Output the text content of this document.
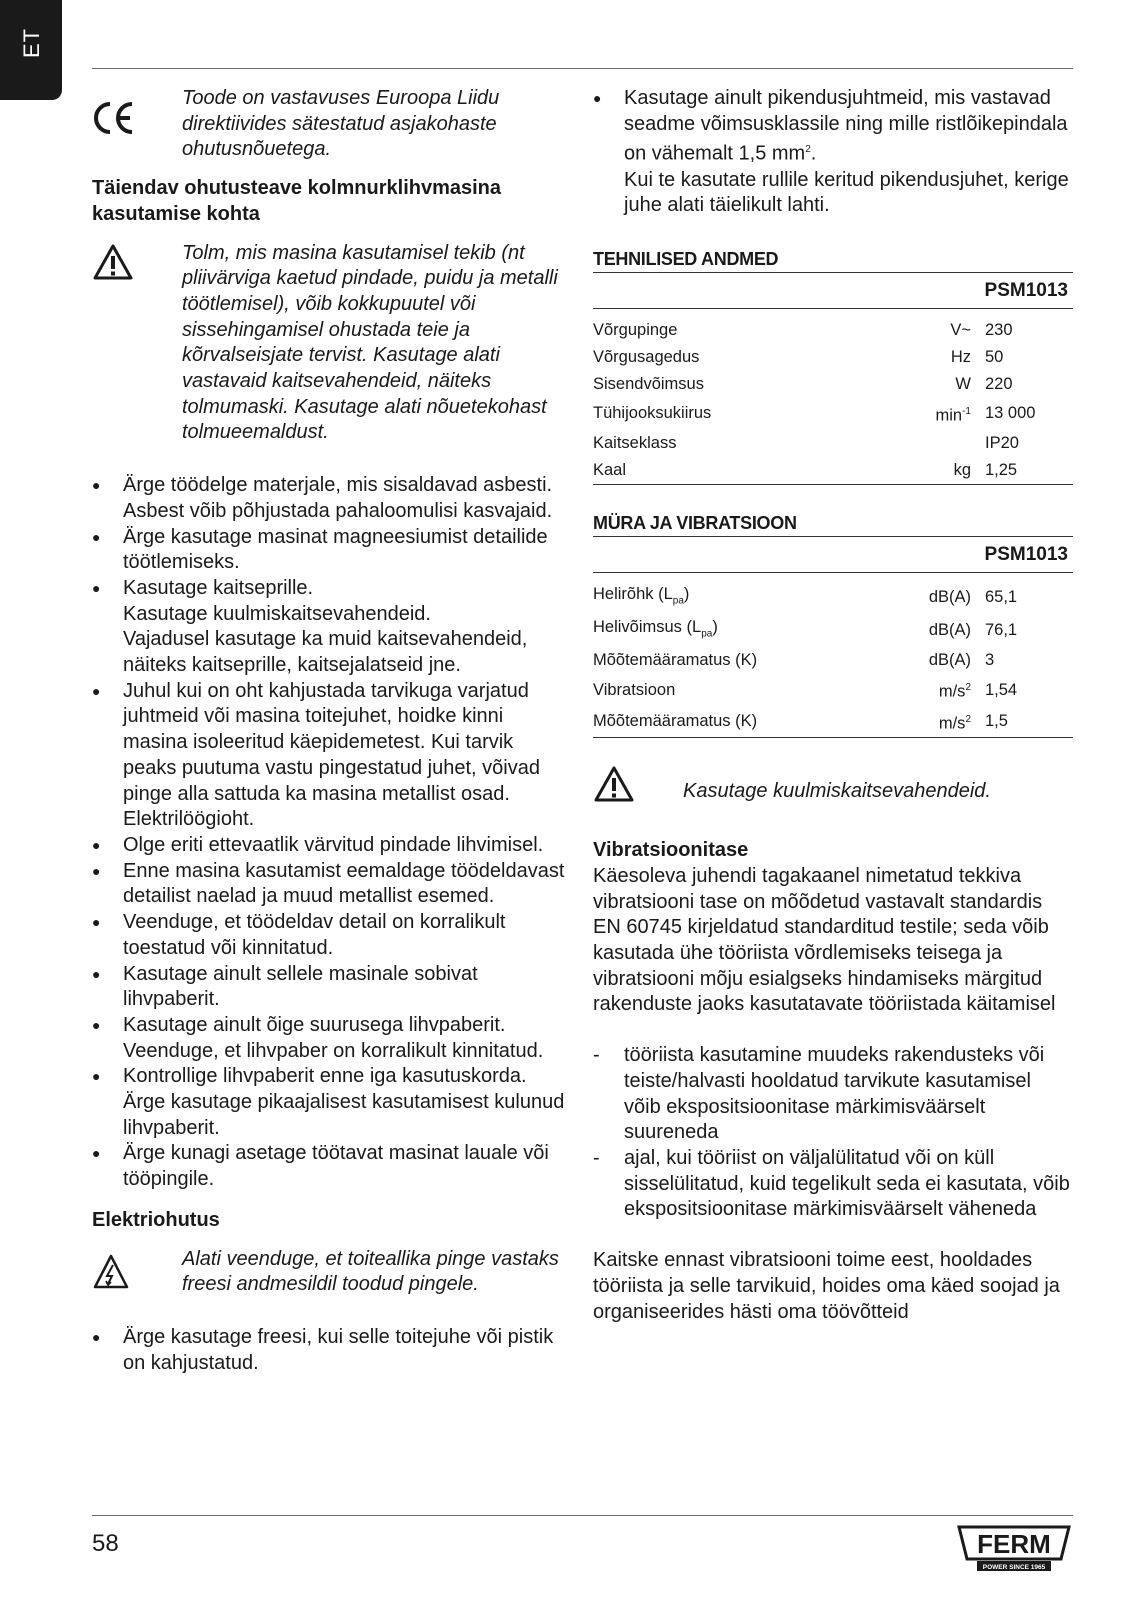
ET

Toode on vastavuses Euroopa Liidu direktiivides sätestatud asjakohaste ohutusnõuetega.

Täiendav ohutusteave kolmnurklihvmasina kasutamise kohta

Tolm, mis masina kasutamisel tekib (nt pliivärviga kaetud pindade, puidu ja metalli töötlemisel), võib kokkupuutel või sissehingamisel ohustada teie ja kõrvalseisjate tervist. Kasutage alati vastavaid kaitsevahendeid, näiteks tolmumaski. Kasutage alati nõuetekohast tolmueemaldust.

● Ärge töödelge materjale, mis sisaldavad asbesti. Asbest võib põhjustada pahaloomulisi kasvajaid.
● Ärge kasutage masinat magneesiumist detailide töötlemiseks.
● Kasutage kaitseprille.
Kasutage kuulmiskaitsevahendeid.
Vajadusel kasutage ka muid kaitsevahendeid, näiteks kaitseprille, kaitsejalatseid jne.
● Juhul kui on oht kahjustada tarvikuga varjatud juhtmeid või masina toitejuhet, hoidke kinni masina isoleeritud käepidemetest. Kui tarvik peaks puutuma vastu pingestatud juhet, võivad pinge alla sattuda ka masina metallist osad. Elektrilöögioht.
● Olge eriti ettevaatlik värvitud pindade lihvimisel.
● Enne masina kasutamist eemaldage töödeldavast detailist naelad ja muud metallist esemed.
● Veenduge, et töödeldav detail on korralikult toestatud või kinnitatud.
● Kasutage ainult sellele masinale sobivat lihvpaberit.
● Kasutage ainult õige suurusega lihvpaberit.
Veenduge, et lihvpaber on korralikult kinnitatud.
● Kontrollige lihvpaberit enne iga kasutuskorda.
Ärge kasutage pikaajalisest kasutamisest kulunud lihvpaberit.
● Ärge kunagi asetage töötavat masinat lauale või tööpingile.

Elektriohutus

Alati veenduge, et toiteallika pinge vastaks freesi andmesildil toodud pingele.

● Ärge kasutage freesi, kui selle toitejuhe või pistik on kahjustatud.
● Kasutage ainult pikendusjuhtmeid, mis vastavad seadme võimsusklassile ning mille ristlõikepindala on vähemalt 1,5 $mm^2$.
Kui te kasutate rullile keritud pikendusjuhet, kerige juhe alati täielikult lahti.
TEHNILISED ANDMED
PSM1013
Võrgupinge	V~	230
Võrgusagedus	Hz	50
Sisendvõimsus	W	220
Tühijooksukiirus	$\min^{-1}$	13 000
Kaitseklass		IP20
Kaal	kg	1,25
MÜRA JA VIBRATSIOON
PSM1013
Helirõhk $(L_{pa})$	dB(A)	65,1
Helivõimsus $(L_{pa})$	dB(A)	76,1
Mõõtemääramatus (K)	dB(A)	3
Vibratsioon	$m/s^2$	1,54
Mõõtemääramatus (K)	$m/s^2$	1,5

Kasutage kuulmiskaitsevahendeid.

Vibratsioonitase

Käesoleva juhendi tagakaanel nimetatud tekkiva vibratsiooni tase on mõõdetud vastavalt standardis EN 60745 kirjeldatud standarditud testile; seda võib kasutada ühe tööriista võrdlemiseks teisega ja vibratsiooni mõju esialgseks hindamiseks märgitud rakenduste jaoks kasutatavate tööriistada käitamisel

- tööriista kasutamine muudeks rakendusteks või teiste/halvasti hooldatud tarvikute kasutamisel võib ekspositsioonitase märkimisväärselt suureneda
- ajal, kui tööriist on väljalülitatud või on küll sisselülitatud, kuid tegelikult seda ei kasutata, võib ekspositsioonitase märkimisväärselt väheneda

Kaitske ennast vibratsiooni toime eest, hooldades tööriista ja selle tarvikuid, hoides oma käed soojad ja organiseerides hästi oma töövõtteid

58	FERM
POWER SINCE 1965
